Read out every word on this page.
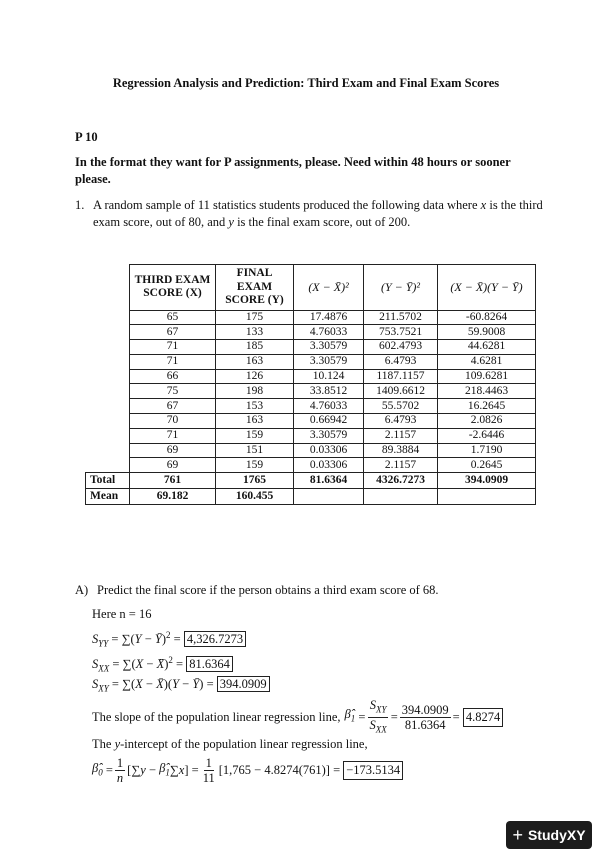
Regression Analysis and Prediction: Third Exam and Final Exam Scores
P 10
In the format they want for P assignments, please. Need within 48 hours or sooner please.
1. A random sample of 11 statistics students produced the following data where x is the third exam score, out of 80, and y is the final exam score, out of 200.
	THIRD EXAM SCORE (X)	FINAL EXAM SCORE (Y)	(X − X̄)²	(Y − Ȳ)²	(X − X̄)(Y − Ȳ)
	65	175	17.4876	211.5702	-60.8264
	67	133	4.76033	753.7521	59.9008
	71	185	3.30579	602.4793	44.6281
	71	163	3.30579	6.4793	4.6281
	66	126	10.124	1187.1157	109.6281
	75	198	33.8512	1409.6612	218.4463
	67	153	4.76033	55.5702	16.2645
	70	163	0.66942	6.4793	2.0826
	71	159	3.30579	2.1157	-2.6446
	69	151	0.03306	89.3884	1.7190
	69	159	0.03306	2.1157	0.2645
Total	761	1765	81.6364	4326.7273	394.0909
Mean	69.182	160.455			
A) Predict the final score if the person obtains a third exam score of 68.
Here n = 16
$S_{YY} = \sum(Y$ − Ȳ)$^2$ = 4,326.7273
$S_{XX} = \sum(X$ − X̄)$^2$ = 81.6364
$S_{XY} = \sum(X$ − X̄)(Y − Ȳ) = 394.0909
The slope of the population linear regression line, $\betâ_1 = \frac{S_{XY}}{S_{XX}} = \frac{394.0909}{81.6364} = 4.8274$
The y-intercept of the population linear regression line,
$\betâ_0 = \frac{1}{n}$ [∑ $y - \betâ_1$ ∑ x ] = $\frac{1}{11}$ [ 1,765 − 4.8274(761) ] = −173.5134
+ StudyXY
